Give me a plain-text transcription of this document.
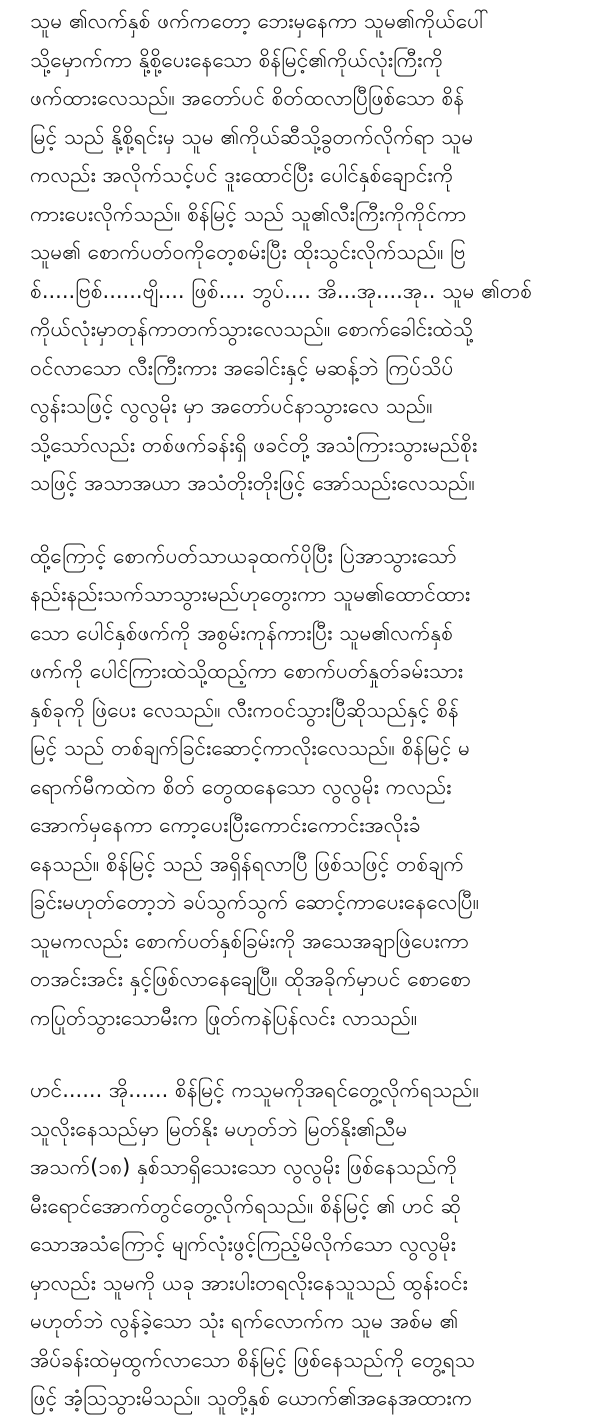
သူမ ၏လက်နှစ် ဖက်ကတော့ ဘေးမှနေကာ သူမ၏ကိုယ်ပေါ်
သို့မှောက်ကာ နို့စို့ပေးနေသော စိန်မြင့်၏ကိုယ်လုံးကြီးကို
ဖက်ထားလေသည်။ အတော်ပင် စိတ်ထလာပြီဖြစ်သော စိန်
မြင့် သည် နို့စို့ရင်းမှ သူမ ၏ကိုယ်ဆီသို့ခွတက်လိုက်ရာ သူမ
ကလည်း အလိုက်သင့်ပင် ဒူးထောင်ပြီး ပေါင်နှစ်ချောင်းကို
ကားပေးလိုက်သည်။ စိန်မြင့် သည် သူ၏လီးကြီးကိုကိုင်ကာ
သူမ၏ စောက်ပတ်ဝကိုတေ့စမ်းပြီး ထိုးသွင်းလိုက်သည်။ ဗြ
စ်.....ဗြစ်......ဗျိ.... ဖြစ်.... ဘွပ်.... အိ...အု....အု.. သူမ ၏တစ်
ကိုယ်လုံးမှာတုန်ကာတက်သွားလေသည်။ စောက်ခေါင်းထဲသို့
ဝင်လာသော လီးကြီးကား အခေါင်းနှင့် မဆန့်ဘဲ ကြပ်သိပ်
လွန်းသဖြင့် လွလွမိုး မှာ အတော်ပင်နာသွားလေ သည်။
သို့သော်လည်း တစ်ဖက်ခန်းရှိ ဖခင်တို့ အသံကြားသွားမည်စိုး
သဖြင့် အသာအယာ အသံတိုးတိုးဖြင့် အော်သည်းလေသည်။
ထို့ကြောင့် စောက်ပတ်သာယခုထက်ပိုပြီး ပြဲအာသွားသော်
နည်းနည်းသက်သာသွားမည်ဟုတွေးကာ သူမ၏ထောင်ထား
သော ပေါင်နှစ်ဖက်ကို အစွမ်းကုန်ကားပြီး သူမ၏လက်နှစ်
ဖက်ကို ပေါင်ကြားထဲသို့ထည့်ကာ စောက်ပတ်နှုတ်ခမ်းသား
နှစ်ခုကို ဖြဲပေး လေသည်။ လီးကဝင်သွားပြီဆိုသည်နှင့် စိန်
မြင့် သည် တစ်ချက်ခြင်းဆောင့်ကာလိုးလေသည်။ စိန်မြင့် မ
ရောက်မီကထဲက စိတ် တွေထနေသော လွလွမိုး ကလည်း
အောက်မှနေကာ ကော့ပေးပြီးကောင်းကောင်းအလိုးခံ
နေသည်။ စိန်မြင့် သည် အရှိန်ရလာပြီ ဖြစ်သဖြင့် တစ်ချက်
ခြင်းမဟုတ်တော့ဘဲ ခပ်သွက်သွက် ဆောင့်ကာပေးနေလေပြီ။
သူမကလည်း စောက်ပတ်နှစ်ခြမ်းကို အသေအချာဖြဲပေးကာ
တအင်းအင်း နှင့်ဖြစ်လာနေချေပြီ။ ထိုအခိုက်မှာပင် စောစော
ကပြုတ်သွားသောမီးက ဖြုတ်ကနဲပြန်လင်း လာသည်။
ဟင်...... အို...... စိန်မြင့် ကသူမကိုအရင်တွေ့လိုက်ရသည်။
သူလိုးနေသည်မှာ မြတ်နိုး မဟုတ်ဘဲ မြတ်နိုး၏ညီမ
အသက်(၁၈) နှစ်သာရှိသေးသော လွလွမိုး ဖြစ်နေသည်ကို
မီးရောင်အောက်တွင်တွေ့လိုက်ရသည်။ စိန်မြင့် ၏ ဟင် ဆို
သောအသံကြောင့် မျက်လုံးဖွင့်ကြည့်မိလိုက်သော လွလွမိုး
မှာလည်း သူမကို ယခု အားပါးတရလိုးနေသူသည် ထွန်းဝင်း
မဟုတ်ဘဲ လွန်ခဲ့သော သုံး ရက်လောက်က သူမ အစ်မ ၏
အိပ်ခန်းထဲမှထွက်လာသော စိန်မြင့် ဖြစ်နေသည်ကို တွေ့ရသ
ဖြင့် အံ့သြသွားမိသည်။ သူတို့နှစ် ယောက်၏အနေအထားက
